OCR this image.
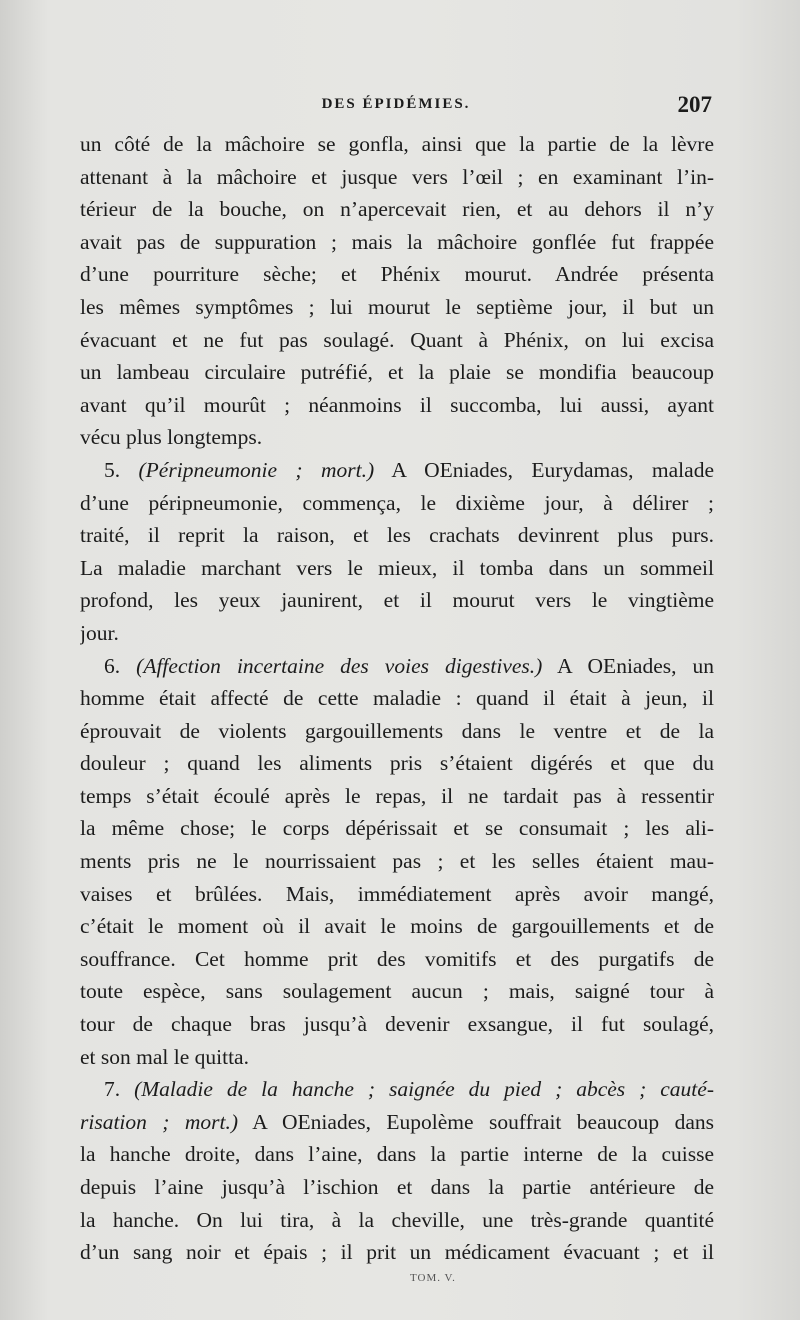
DES ÉPIDÉMIES.	207
un côté de la mâchoire se gonfla, ainsi que la partie de la lèvre
attenant à la mâchoire et jusque vers l’œil ; en examinant l’in-
térieur de la bouche, on n’apercevait rien, et au dehors il n’y
avait pas de suppuration ; mais la mâchoire gonflée fut frappée
d’une pourriture sèche; et Phénix mourut. Andrée présenta
les mêmes symptômes ; lui mourut le septième jour, il but un
évacuant et ne fut pas soulagé. Quant à Phénix, on lui excisa
un lambeau circulaire putréfié, et la plaie se mondifia beaucoup
avant qu’il mourût ; néanmoins il succomba, lui aussi, ayant
vécu plus longtemps.
5. (Péripneumonie ; mort.) A OEniades, Eurydamas, malade
d’une péripneumonie, commença, le dixième jour, à délirer ;
traité, il reprit la raison, et les crachats devinrent plus purs.
La maladie marchant vers le mieux, il tomba dans un sommeil
profond, les yeux jaunirent, et il mourut vers le vingtième
jour.
6. (Affection incertaine des voies digestives.) A OEniades, un
homme était affecté de cette maladie : quand il était à jeun, il
éprouvait de violents gargouillements dans le ventre et de la
douleur ; quand les aliments pris s’étaient digérés et que du
temps s’était écoulé après le repas, il ne tardait pas à ressentir
la même chose; le corps dépérissait et se consumait ; les ali-
ments pris ne le nourrissaient pas ; et les selles étaient mau-
vaises et brûlées. Mais, immédiatement après avoir mangé,
c’était le moment où il avait le moins de gargouillements et de
souffrance. Cet homme prit des vomitifs et des purgatifs de
toute espèce, sans soulagement aucun ; mais, saigné tour à
tour de chaque bras jusqu’à devenir exsangue, il fut soulagé,
et son mal le quitta.
7. (Maladie de la hanche ; saignée du pied ; abcès ; cauté-
risation ; mort.) A OEniades, Eupolème souffrait beaucoup dans
la hanche droite, dans l’aine, dans la partie interne de la cuisse
depuis l’aine jusqu’à l’ischion et dans la partie antérieure de
la hanche. On lui tira, à la cheville, une très-grande quantité
d’un sang noir et épais ; il prit un médicament évacuant ; et il
TOM. V.
